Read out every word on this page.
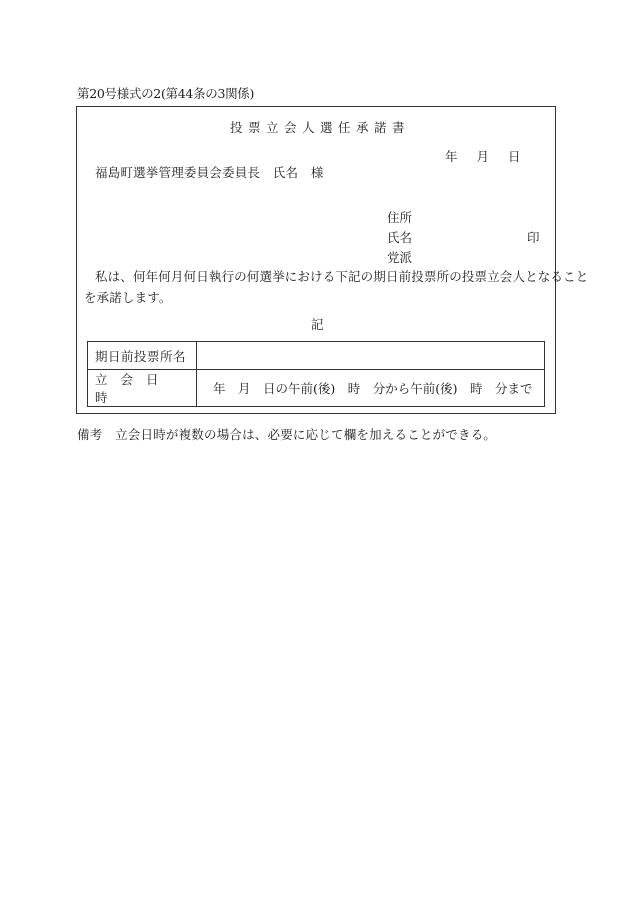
第20号様式の2(第44条の3関係)
投票立会人選任承諾書
年 月 日
福島町選挙管理委員会委員長　氏名　様
住所
氏名	印
党派
私は、何年何月何日執行の何選挙における下記の期日前投票所の投票立会人となること
を承諾します。
記
期日前投票所名	
立会日時	年　月　日の午前(後)　時　分から午前(後)　時　分まで
備考　立会日時が複数の場合は、必要に応じて欄を加えることができる。
